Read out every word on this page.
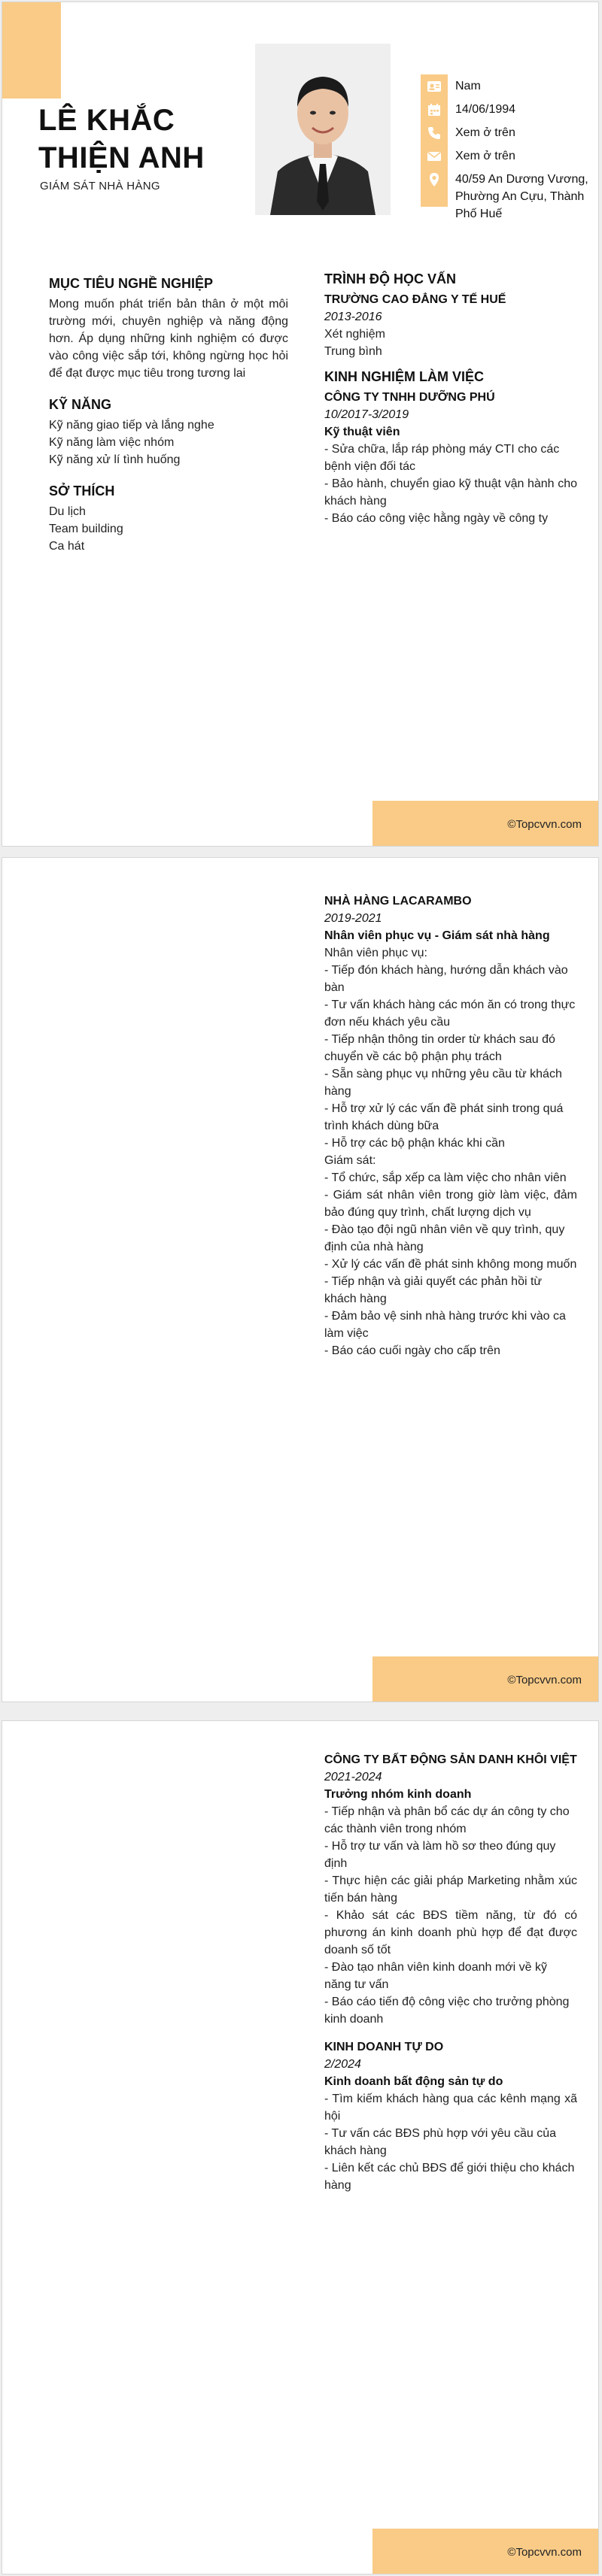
LÊ KHẮC
THIỆN ANH
GIÁM SÁT NHÀ HÀNG
Nam
14/06/1994
Xem ở trên
Xem ở trên
40/59 An Dương Vương, Phường An Cựu, Thành Phố Huế
MỤC TIÊU NGHỀ NGHIỆP

Mong muốn phát triển bản thân ở một môi trường mới, chuyên nghiệp và năng động hơn. Áp dụng những kinh nghiệm có được vào công việc sắp tới, không ngừng học hỏi để đạt được mục tiêu trong tương lai

KỸ NĂNG
Kỹ năng giao tiếp và lắng nghe
Kỹ năng làm việc nhóm
Kỹ năng xử lí tình huống
SỞ THÍCH
Du lịch
Team building
Ca hát
TRÌNH ĐỘ HỌC VẤN

TRƯỜNG CAO ĐẲNG Y TẾ HUẾ

2013-2016

Xét nghiệm

Trung bình

KINH NGHIỆM LÀM VIỆC

CÔNG TY TNHH DƯỠNG PHÚ

10/2017-3/2019

Kỹ thuật viên

- Sửa chữa, lắp ráp phòng máy CTI cho các bệnh viện đối tác
- Bảo hành, chuyển giao kỹ thuật vận hành cho khách hàng
- Báo cáo công việc hằng ngày về công ty
©Topcvvn.com

NHÀ HÀNG LACARAMBO

2019-2021

Nhân viên phục vụ - Giám sát nhà hàng

Nhân viên phục vụ:
- Tiếp đón khách hàng, hướng dẫn khách vào bàn
- Tư vấn khách hàng các món ăn có trong thực đơn nếu khách yêu cầu
- Tiếp nhận thông tin order từ khách sau đó chuyển về các bộ phận phụ trách
- Sẵn sàng phục vụ những yêu cầu từ khách hàng
- Hỗ trợ xử lý các vấn đề phát sinh trong quá trình khách dùng bữa
- Hỗ trợ các bộ phận khác khi cần
Giám sát:
- Tổ chức, sắp xếp ca làm việc cho nhân viên
- Giám sát nhân viên trong giờ làm việc, đảm bảo đúng quy trình, chất lượng dịch vụ
- Đào tạo đội ngũ nhân viên về quy trình, quy định của nhà hàng
- Xử lý các vấn đề phát sinh không mong muốn
- Tiếp nhận và giải quyết các phản hồi từ khách hàng
- Đảm bảo vệ sinh nhà hàng trước khi vào ca làm việc
- Báo cáo cuối ngày cho cấp trên
©Topcvvn.com

CÔNG TY BẤT ĐỘNG SẢN DANH KHÔI VIỆT

2021-2024

Trưởng nhóm kinh doanh

- Tiếp nhận và phân bổ các dự án công ty cho các thành viên trong nhóm
- Hỗ trợ tư vấn và làm hồ sơ theo đúng quy định
- Thực hiện các giải pháp Marketing nhằm xúc tiến bán hàng
- Khảo sát các BĐS tiềm năng, từ đó có phương án kinh doanh phù hợp để đạt được doanh số tốt
- Đào tạo nhân viên kinh doanh mới về kỹ năng tư vấn
- Báo cáo tiến độ công việc cho trưởng phòng kinh doanh

KINH DOANH TỰ DO

2/2024

Kinh doanh bất động sản tự do

- Tìm kiếm khách hàng qua các kênh mạng xã hội
- Tư vấn các BĐS phù hợp với yêu cầu của khách hàng
- Liên kết các chủ BĐS để giới thiệu cho khách hàng
©Topcvvn.com
